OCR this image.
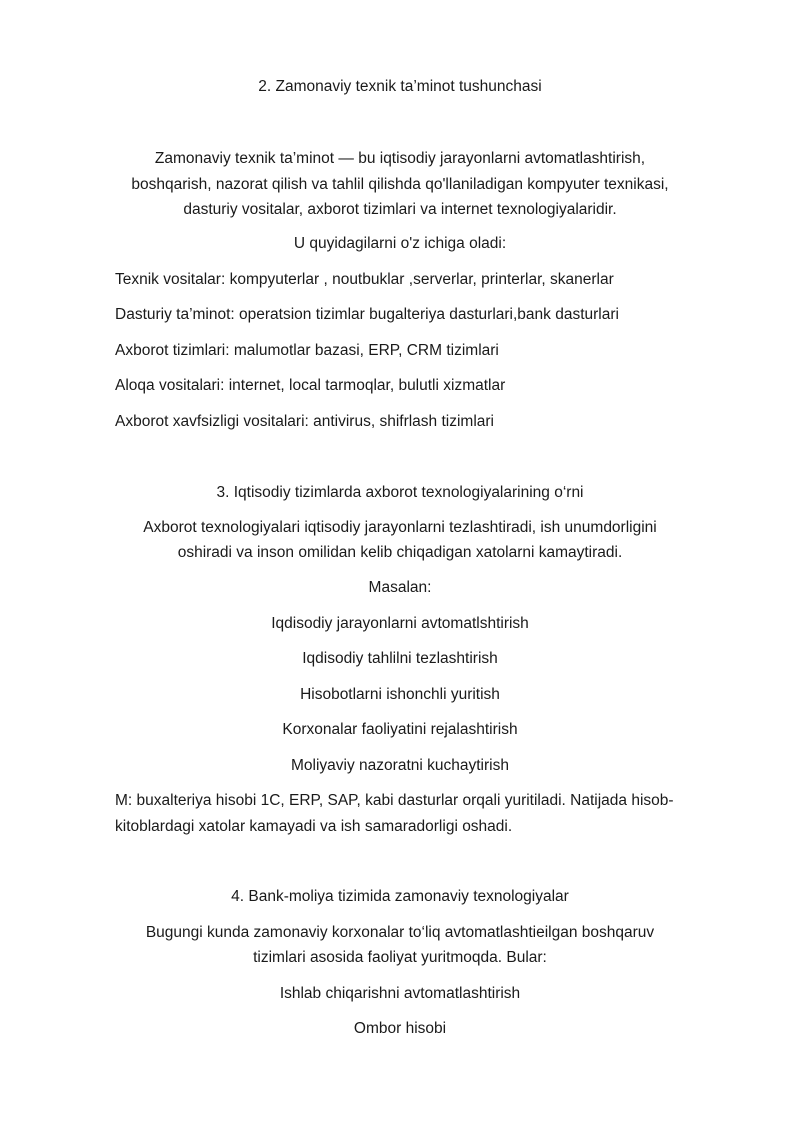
2. Zamonaviy texnik ta’minot tushunchasi
Zamonaviy texnik ta’minot — bu iqtisodiy jarayonlarni avtomatlashtirish,
boshqarish, nazorat qilish va tahlil qilishda qo'llaniladigan kompyuter texnikasi,
dasturiy vositalar, axborot tizimlari va internet texnologiyalaridir.
U quyidagilarni o'z ichiga oladi:
Texnik vositalar: kompyuterlar , noutbuklar ,serverlar, printerlar, skanerlar
Dasturiy ta’minot: operatsion tizimlar bugalteriya dasturlari,bank dasturlari
Axborot tizimlari: malumotlar bazasi, ERP, CRM tizimlari
Aloqa vositalari: internet, local tarmoqlar, bulutli xizmatlar
Axborot xavfsizligi vositalari: antivirus, shifrlash tizimlari
3. Iqtisodiy tizimlarda axborot texnologiyalarining o‘rni
Axborot texnologiyalari iqtisodiy jarayonlarni tezlashtiradi, ish unumdorligini
oshiradi va inson omilidan kelib chiqadigan xatolarni kamaytiradi.
Masalan:
Iqdisodiy jarayonlarni avtomatlshtirish
Iqdisodiy tahlilni tezlashtirish
Hisobotlarni ishonchli yuritish
Korxonalar faoliyatini rejalashtirish
Moliyaviy nazoratni kuchaytirish
M: buxalteriya hisobi 1C, ERP, SAP, kabi dasturlar orqali yuritiladi. Natijada hisob-
kitoblardagi xatolar kamayadi va ish samaradorligi oshadi.
4. Bank-moliya tizimida zamonaviy texnologiyalar
Bugungi kunda zamonaviy korxonalar to‘liq avtomatlashtieilgan boshqaruv
tizimlari asosida faoliyat yuritmoqda. Bular:
Ishlab chiqarishni avtomatlashtirish
Ombor hisobi
